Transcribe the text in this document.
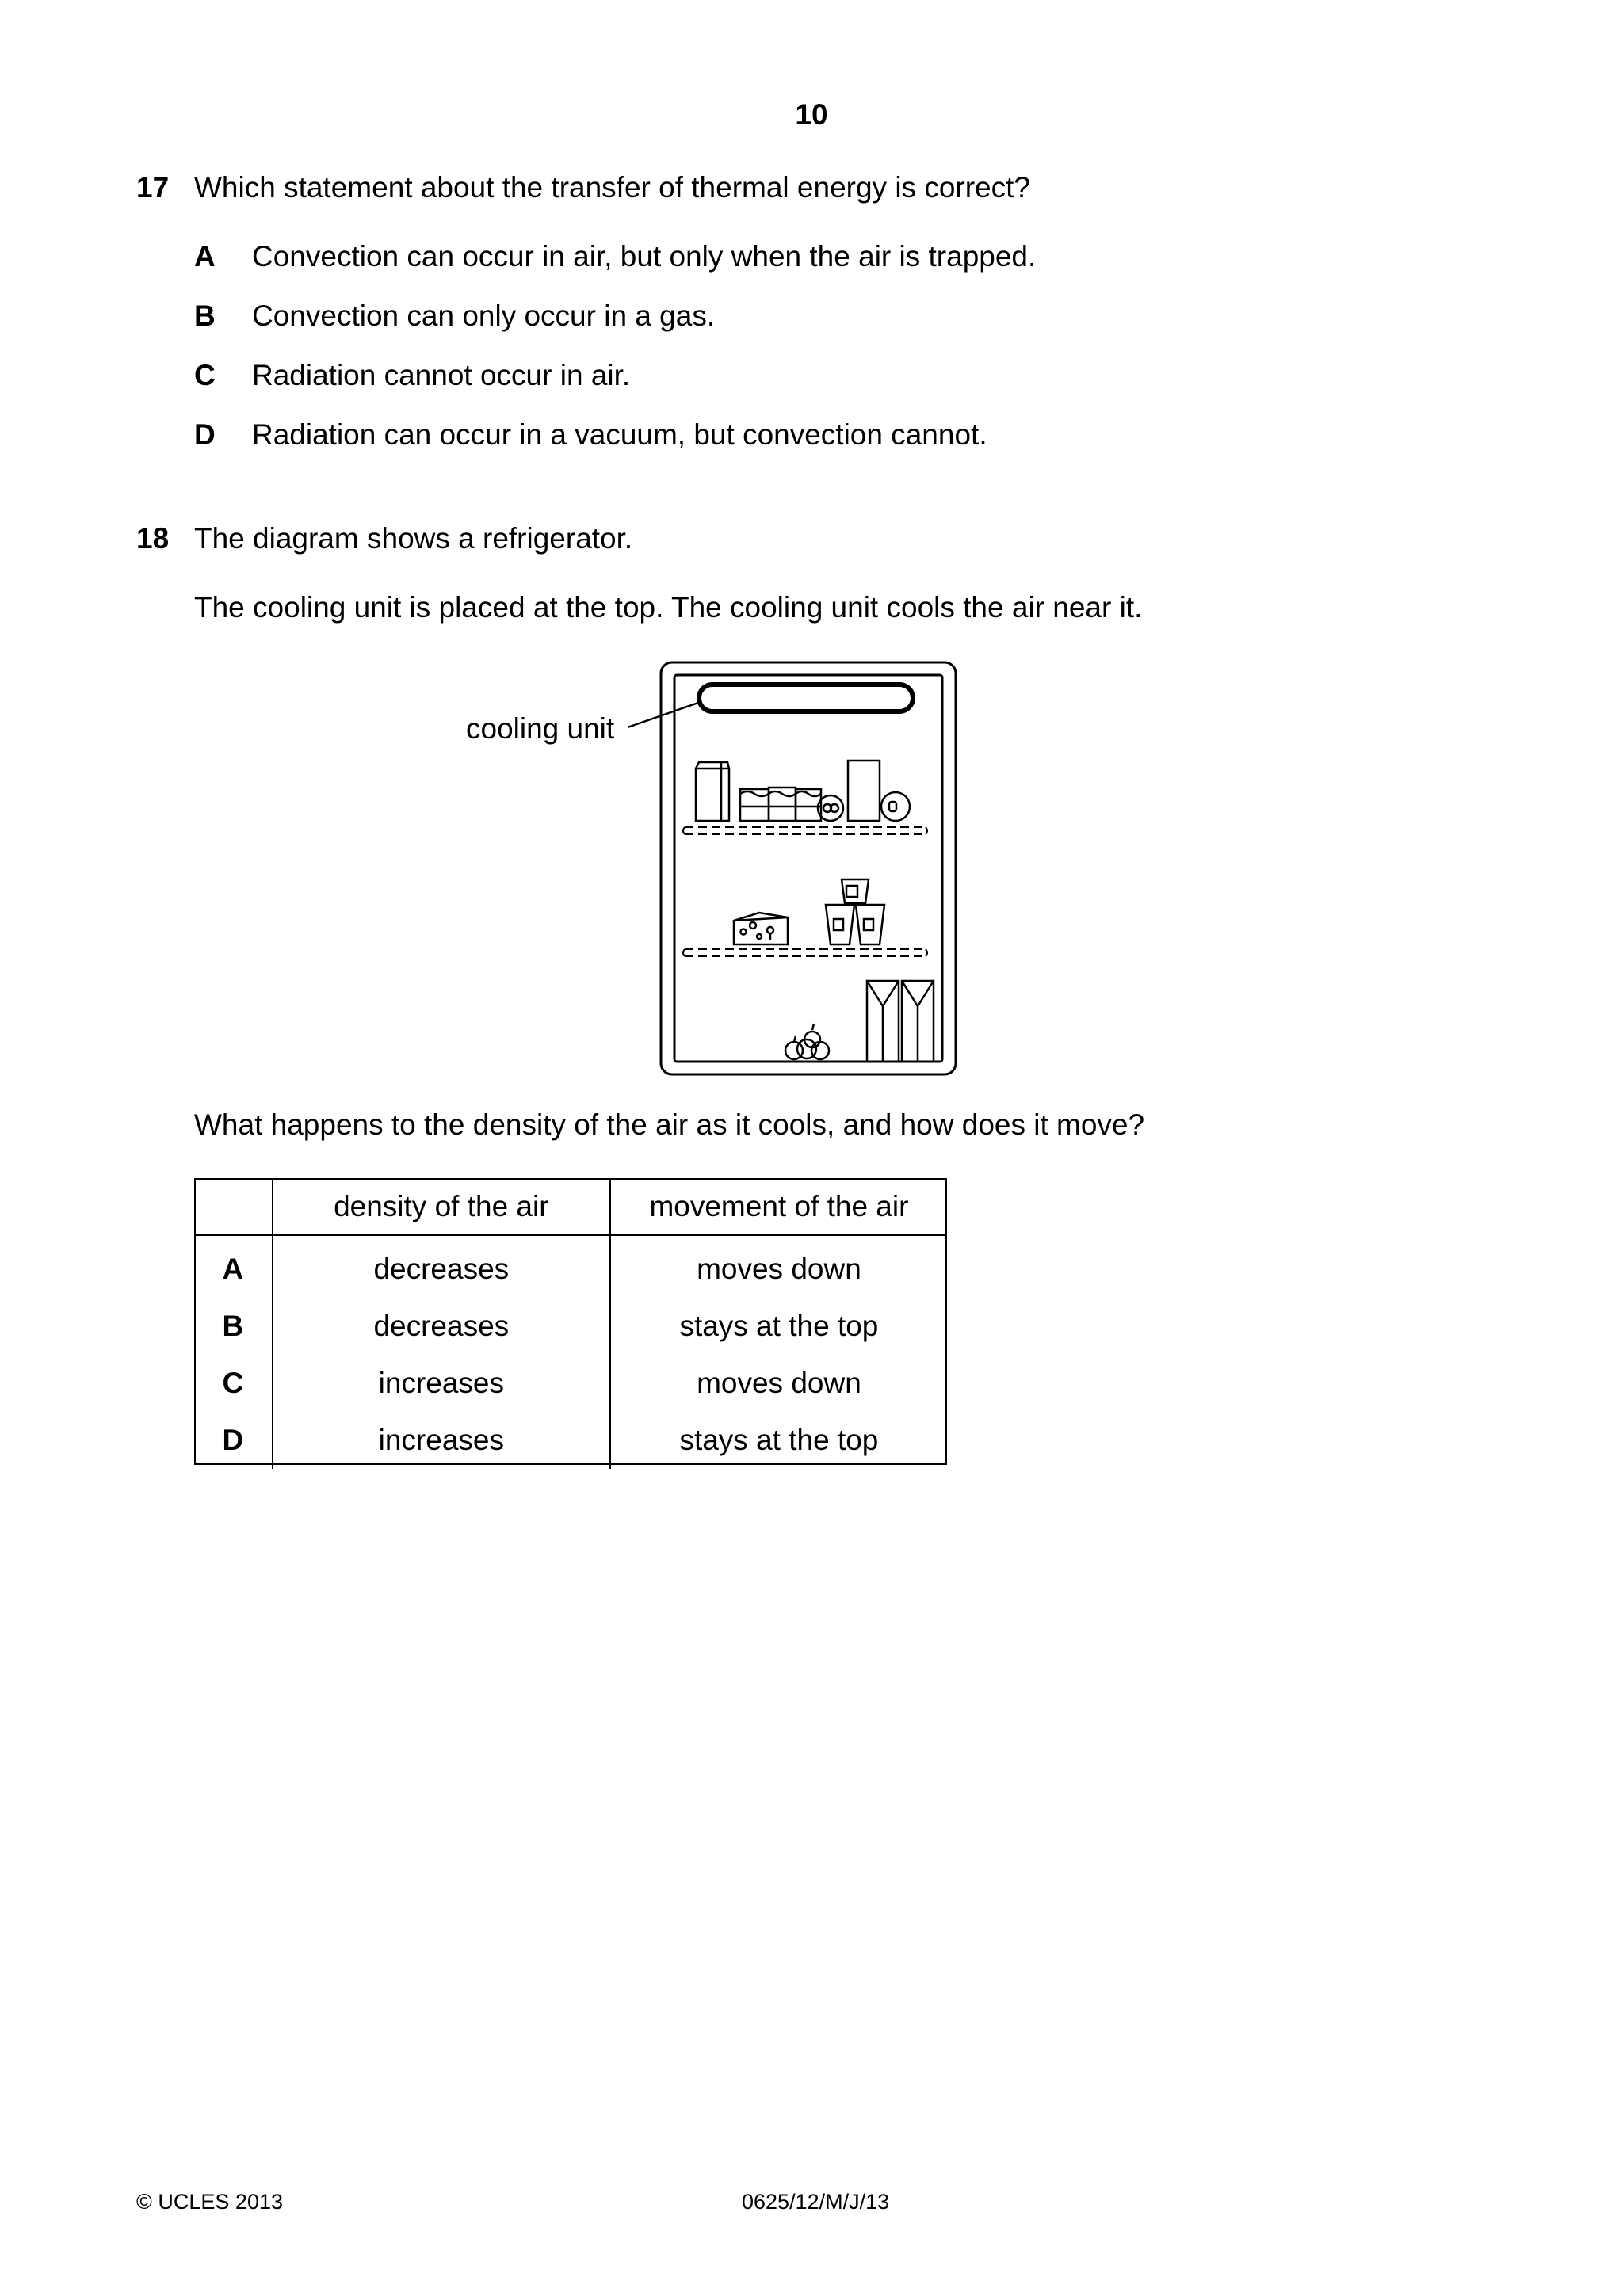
10
17 Which statement about the transfer of thermal energy is correct?
A Convection can occur in air, but only when the air is trapped.
B Convection can only occur in a gas.
C Radiation cannot occur in air.
D Radiation can occur in a vacuum, but convection cannot.
18 The diagram shows a refrigerator.
The cooling unit is placed at the top. The cooling unit cools the air near it.
cooling unit
What happens to the density of the air as it cools, and how does it move?
	density of the air	movement of the air
A	decreases	moves down
B	decreases	stays at the top
C	increases	moves down
D	increases	stays at the top
© UCLES 2013	0625/12/M/J/13
